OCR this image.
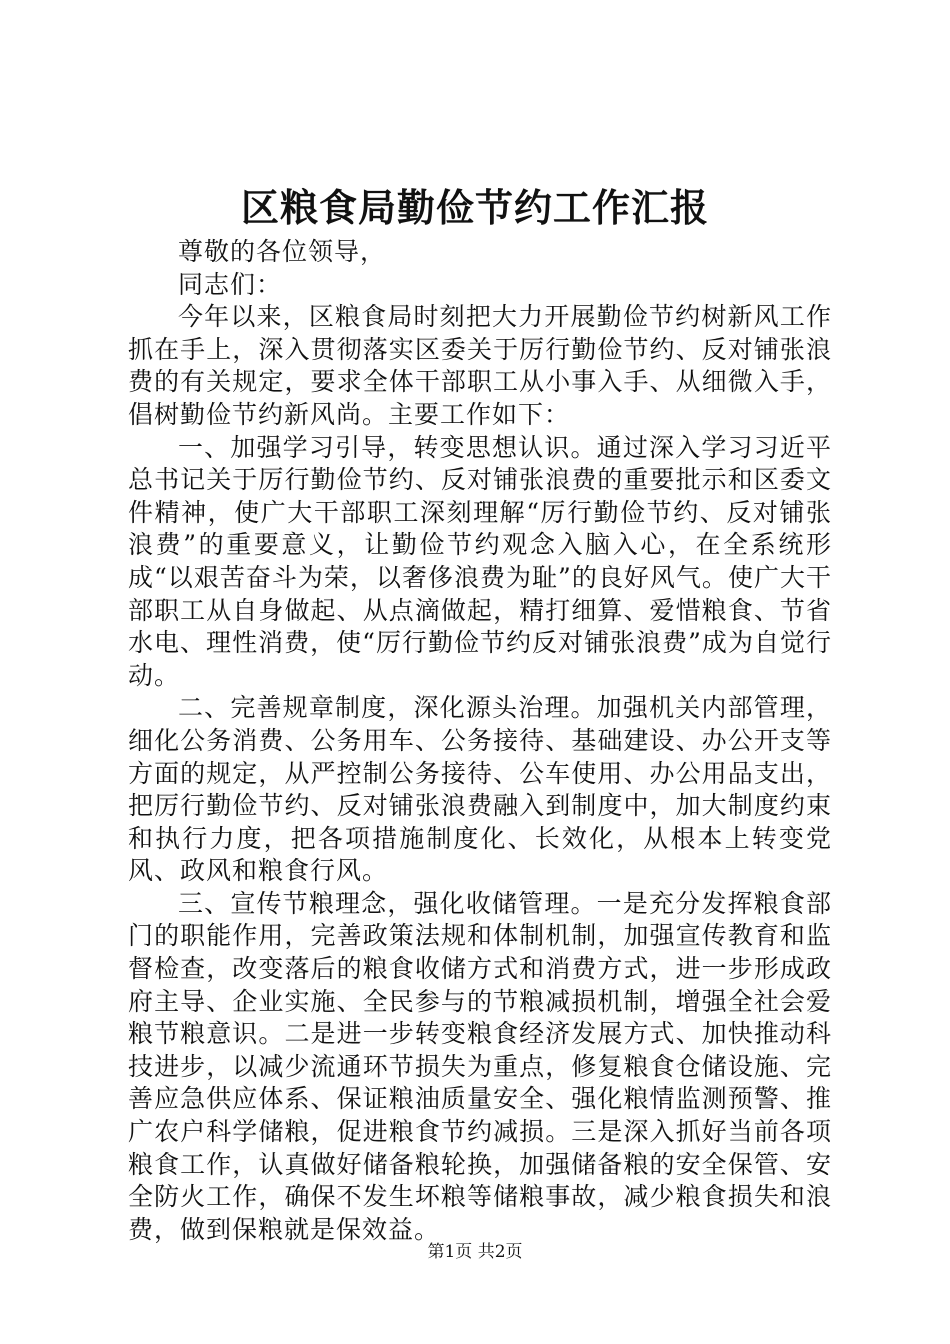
区粮食局勤俭节约工作汇报

尊敬的各位领导，

同志们：

今年以来，区粮食局时刻把大力开展勤俭节约树新风工作抓在手上，深入贯彻落实区委关于厉行勤俭节约、反对铺张浪费的有关规定，要求全体干部职工从小事入手、从细微入手，倡树勤俭节约新风尚。主要工作如下：

一、加强学习引导，转变思想认识。通过深入学习习近平总书记关于厉行勤俭节约、反对铺张浪费的重要批示和区委文件精神，使广大干部职工深刻理解“厉行勤俭节约、反对铺张浪费”的重要意义，让勤俭节约观念入脑入心，在全系统形成“以艰苦奋斗为荣，以奢侈浪费为耻”的良好风气。使广大干部职工从自身做起、从点滴做起，精打细算、爱惜粮食、节省水电、理性消费，使“厉行勤俭节约反对铺张浪费”成为自觉行动。

二、完善规章制度，深化源头治理。加强机关内部管理，细化公务消费、公务用车、公务接待、基础建设、办公开支等方面的规定，从严控制公务接待、公车使用、办公用品支出，把厉行勤俭节约、反对铺张浪费融入到制度中，加大制度约束和执行力度，把各项措施制度化、长效化，从根本上转变党风、政风和粮食行风。

三、宣传节粮理念，强化收储管理。一是充分发挥粮食部门的职能作用，完善政策法规和体制机制，加强宣传教育和监督检查，改变落后的粮食收储方式和消费方式，进一步形成政府主导、企业实施、全民参与的节粮减损机制，增强全社会爱粮节粮意识。二是进一步转变粮食经济发展方式、加快推动科技进步，以减少流通环节损失为重点，修复粮食仓储设施、完善应急供应体系、保证粮油质量安全、强化粮情监测预警、推广农户科学储粮，促进粮食节约减损。三是深入抓好当前各项粮食工作，认真做好储备粮轮换，加强储备粮的安全保管、安全防火工作，确保不发生坏粮等储粮事故，减少粮食损失和浪费，做到保粮就是保效益。

第1页 共2页
